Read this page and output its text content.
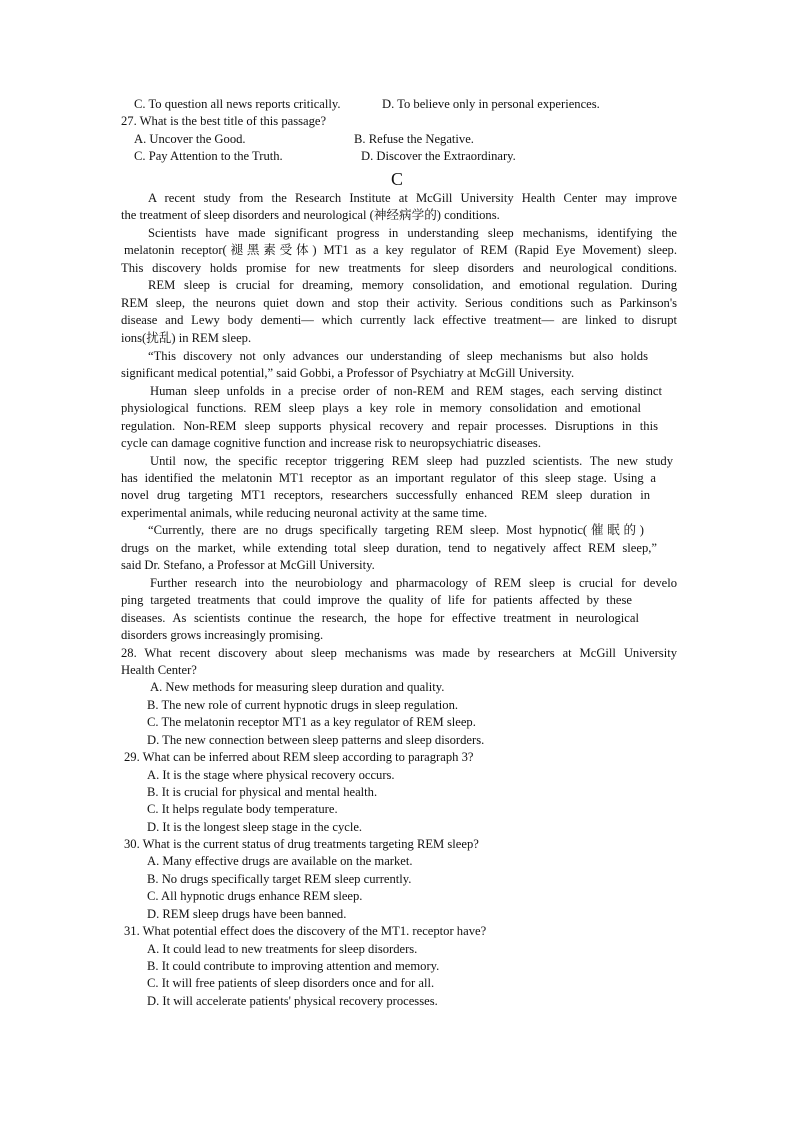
C. To question all news reports critically.	D. To believe only in personal experiences.
27. What is the best title of this passage?
A. Uncover the Good.	B. Refuse the Negative.
C. Pay Attention to the Truth.	D. Discover the Extraordinary.
C
A recent study from the Research Institute at McGill University Health Center may improve
the treatment of sleep disorders and neurological (神经病学的) conditions.
Scientists have made significant progress in understanding sleep mechanisms, identifying the
melatonin receptor(褪黑素受体) MT1 as a key regulator of REM (Rapid Eye Movement) sleep.
This discovery holds promise for new treatments for sleep disorders and neurological conditions.
REM sleep is crucial for dreaming, memory consolidation, and emotional regulation. During
REM sleep, the neurons quiet down and stop their activity. Serious conditions such as Parkinson's
disease and Lewy body dementi— which currently lack effective treatment— are linked to disrupt
ions(扰乱) in REM sleep.
“This discovery not only advances our understanding of sleep mechanisms but also holds
significant medical potential,” said Gobbi, a Professor of Psychiatry at McGill University.
Human sleep unfolds in a precise order of non-REM and REM stages, each serving distinct
physiological functions. REM sleep plays a key role in memory consolidation and emotional
regulation. Non-REM sleep supports physical recovery and repair processes. Disruptions in this
cycle can damage cognitive function and increase risk to neuropsychiatric diseases.
Until now, the specific receptor triggering REM sleep had puzzled scientists. The new study
has identified the melatonin MT1 receptor as an important regulator of this sleep stage. Using a
novel drug targeting MT1 receptors, researchers successfully enhanced REM sleep duration in
experimental animals, while reducing neuronal activity at the same time.
“Currently, there are no drugs specifically targeting REM sleep. Most hypnotic(催眠的)
drugs on the market, while extending total sleep duration, tend to negatively affect REM sleep,”
said Dr. Stefano, a Professor at McGill University.
Further research into the neurobiology and pharmacology of REM sleep is crucial for develo
ping targeted treatments that could improve the quality of life for patients affected by these
diseases. As scientists continue the research, the hope for effective treatment in neurological
disorders grows increasingly promising.
28. What recent discovery about sleep mechanisms was made by researchers at McGill University
Health Center?
A. New methods for measuring sleep duration and quality.
B. The new role of current hypnotic drugs in sleep regulation.
C. The melatonin receptor MT1 as a key regulator of REM sleep.
D. The new connection between sleep patterns and sleep disorders.
29. What can be inferred about REM sleep according to paragraph 3?
A. It is the stage where physical recovery occurs.
B. It is crucial for physical and mental health.
C. It helps regulate body temperature.
D. It is the longest sleep stage in the cycle.
30. What is the current status of drug treatments targeting REM sleep?
A. Many effective drugs are available on the market.
B. No drugs specifically target REM sleep currently.
C. All hypnotic drugs enhance REM sleep.
D. REM sleep drugs have been banned.
31. What potential effect does the discovery of the MT1. receptor have?
A. It could lead to new treatments for sleep disorders.
B. It could contribute to improving attention and memory.
C. It will free patients of sleep disorders once and for all.
D. It will accelerate patients' physical recovery processes.
